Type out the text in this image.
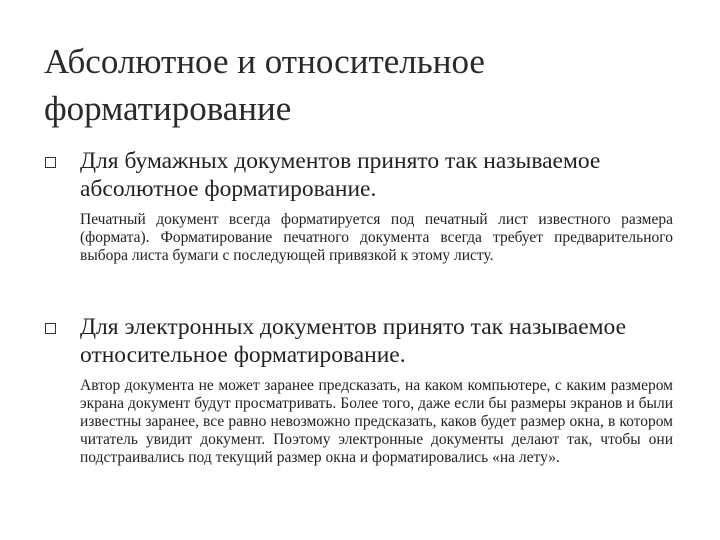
Абсолютное и относительное форматирование
Для бумажных документов принято так называемое абсолютное форматирование.
Печатный документ всегда форматируется под печатный лист известного размера (формата). Форматирование печатного документа всегда требует предварительного выбора листа бумаги с последующей привязкой к этому листу.
Для электронных документов принято так называемое относительное форматирование.
Автор документа не может заранее предсказать, на каком компьютере, с каким размером экрана документ будут просматривать. Более того, даже если бы размеры экранов и были известны заранее, все равно невозможно предсказать, каков будет размер окна, в котором читатель увидит документ. Поэтому электронные документы делают так, чтобы они подстраивались под текущий размер окна и форматировались «на лету».
